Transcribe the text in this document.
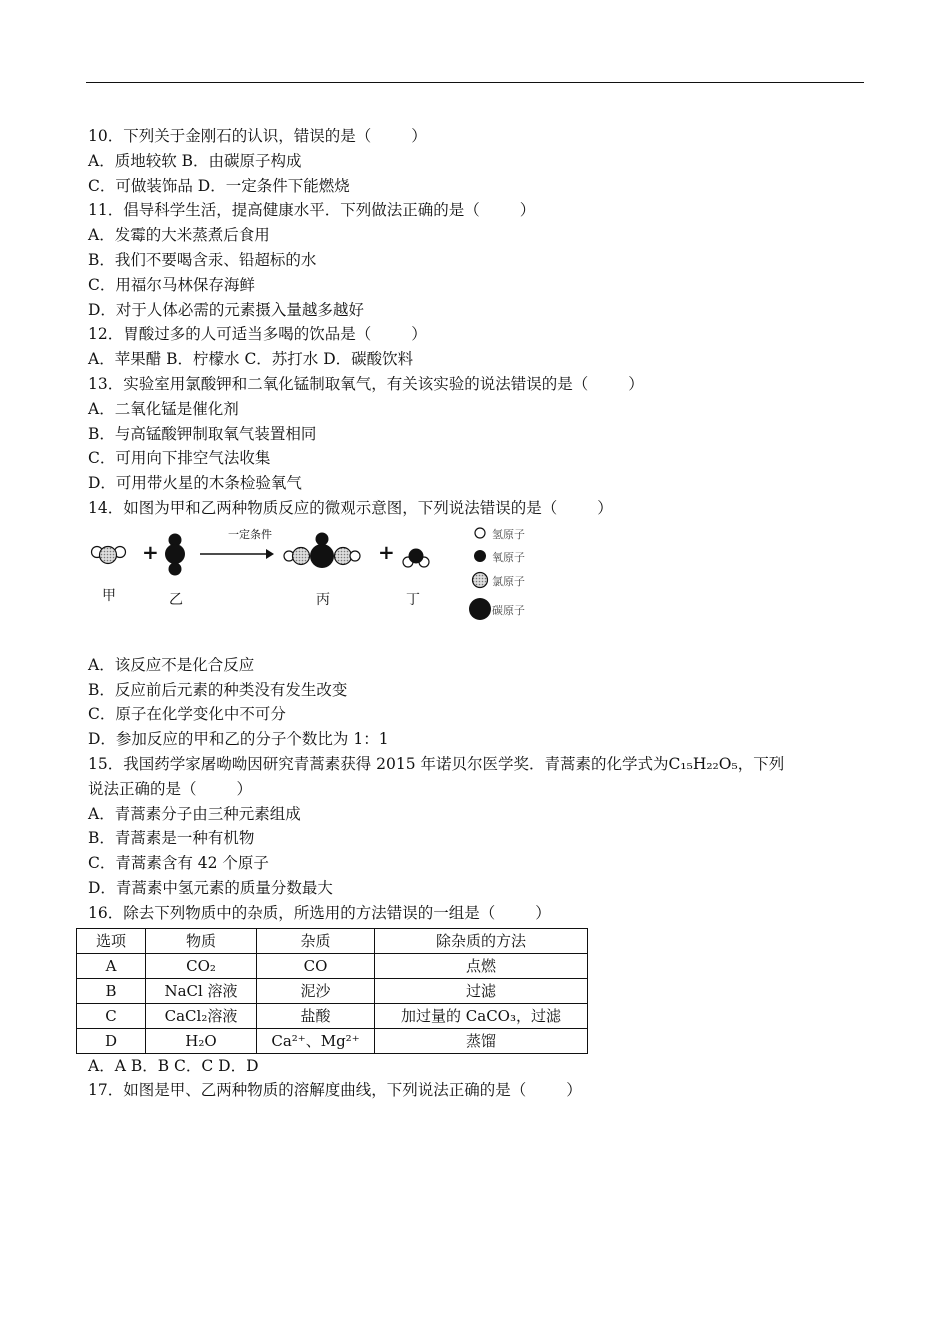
10．下列关于金刚石的认识，错误的是（	）
A．质地较软 B．由碳原子构成
C．可做装饰品 D．一定条件下能燃烧
11．倡导科学生活，提高健康水平．下列做法正确的是（	）
A．发霉的大米蒸煮后食用
B．我们不要喝含汞、铅超标的水
C．用福尔马林保存海鲜
D．对于人体必需的元素摄入量越多越好
12．胃酸过多的人可适当多喝的饮品是（	）
A．苹果醋 B．柠檬水 C．苏打水 D．碳酸饮料
13．实验室用氯酸钾和二氧化锰制取氧气，有关该实验的说法错误的是（	）
A．二氧化锰是催化剂
B．与高锰酸钾制取氧气装置相同
C．可用向下排空气法收集
D．可用带火星的木条检验氧气
14．如图为甲和乙两种物质反应的微观示意图，下列说法错误的是（	）
+	+
一定条件
甲	乙	丙	丁
氢原子
氧原子
氯原子
碳原子
A．该反应不是化合反应
B．反应前后元素的种类没有发生改变
C．原子在化学变化中不可分
D．参加反应的甲和乙的分子个数比为 1：1
15．我国药学家屠呦呦因研究青蒿素获得 2015 年诺贝尔医学奖．青蒿素的化学式为C₁₅H₂₂O₅，下列
说法正确的是（	）
A．青蒿素分子由三种元素组成
B．青蒿素是一种有机物
C．青蒿素含有 42 个原子
D．青蒿素中氢元素的质量分数最大
16．除去下列物质中的杂质，所选用的方法错误的一组是（	）
选项	物质	杂质	除杂质的方法
A	CO₂	CO	点燃
B	NaCl 溶液	泥沙	过滤
C	CaCl₂溶液	盐酸	加过量的 CaCO₃，过滤
D	H₂O	Ca²⁺、Mg²⁺	蒸馏
A．A B．B C．C D．D
17．如图是甲、乙两种物质的溶解度曲线，下列说法正确的是（	）
